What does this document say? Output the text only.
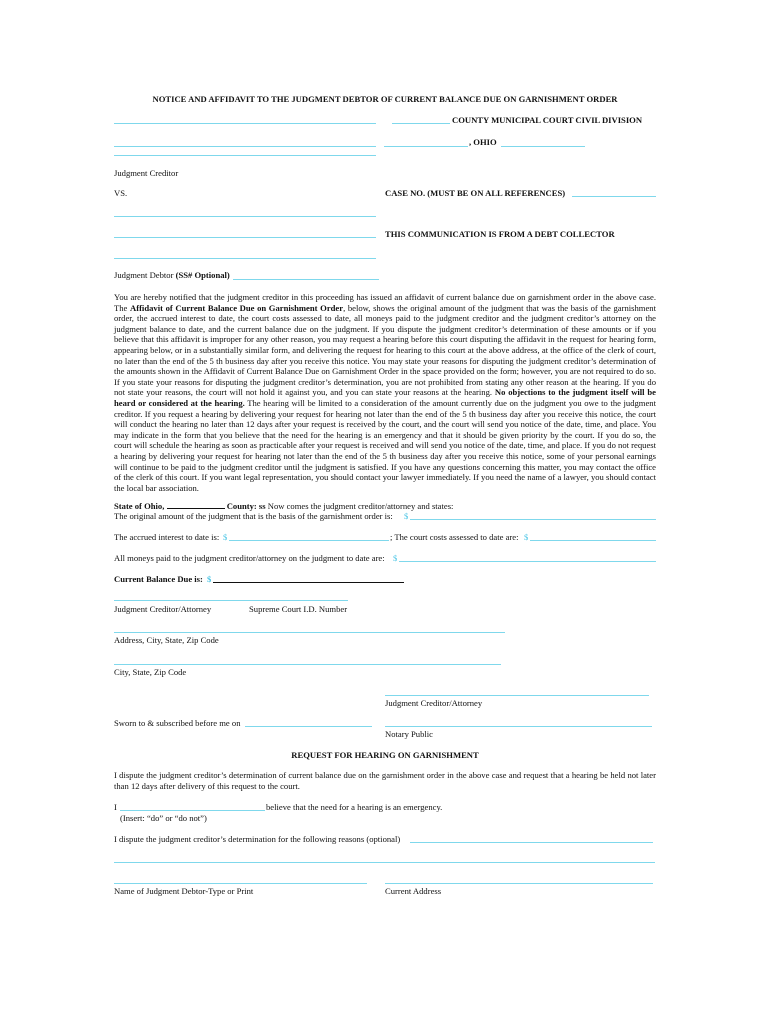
NOTICE AND AFFIDAVIT TO THE JUDGMENT DEBTOR OF CURRENT BALANCE DUE ON GARNISHMENT ORDER
COUNTY MUNICIPAL COURT CIVIL DIVISION
, OHIO
Judgment Creditor
VS.	CASE NO. (MUST BE ON ALL REFERENCES)
THIS COMMUNICATION IS FROM A DEBT COLLECTOR
Judgment Debtor (SS# Optional)
You are hereby notified that the judgment creditor in this proceeding has issued an affidavit of current balance due on garnishment order in the above case. The Affidavit of Current Balance Due on Garnishment Order, below, shows the original amount of the judgment that was the basis of the garnishment order, the accrued interest to date, the court costs assessed to date, all moneys paid to the judgment creditor and the judgment creditor’s attorney on the judgment balance to date, and the current balance due on the judgment. If you dispute the judgment creditor’s determination of these amounts or if you believe that this affidavit is improper for any other reason, you may request a hearing before this court disputing the affidavit in the request for hearing form, appearing below, or in a substantially similar form, and delivering the request for hearing to this court at the above address, at the office of the clerk of court, no later than the end of the 5 th business day after you receive this notice. You may state your reasons for disputing the judgment creditor’s determination of the amounts shown in the Affidavit of Current Balance Due on Garnishment Order in the space provided on the form; however, you are not required to do so. If you state your reasons for disputing the judgment creditor’s determination, you are not prohibited from stating any other reason at the hearing. If you do not state your reasons, the court will not hold it against you, and you can state your reasons at the hearing. No objections to the judgment itself will be heard or considered at the hearing. The hearing will be limited to a consideration of the amount currently due on the judgment you owe to the judgment creditor. If you request a hearing by delivering your request for hearing not later than the end of the 5 th business day after you receive this notice, the court will conduct the hearing no later than 12 days after your request is received by the court, and the court will send you notice of the date, time, and place. You may indicate in the form that you believe that the need for the hearing is an emergency and that it should be given priority by the court. If you do so, the court will schedule the hearing as soon as practicable after your request is received and will send you notice of the date, time, and place. If you do not request a hearing by delivering your request for hearing not later than the end of the 5 th business day after you receive this notice, some of your personal earnings will continue to be paid to the judgment creditor until the judgment is satisfied. If you have any questions concerning this matter, you may contact the office of the clerk of this court. If you want legal representation, you should contact your lawyer immediately. If you need the name of a lawyer, you should contact the local bar association.
State of Ohio,	County: ss Now comes the judgment creditor/attorney and states:
The original amount of the judgment that is the basis of the garnishment order is: $
The accrued interest to date is: $	; The court costs assessed to date are: $
All moneys paid to the judgment creditor/attorney on the judgment to date are: $
Current Balance Due is: $
Judgment Creditor/Attorney	Supreme Court I.D. Number
Address, City, State, Zip Code
City, State, Zip Code
Judgment Creditor/Attorney
Sworn to & subscribed before me on
Notary Public
REQUEST FOR HEARING ON GARNISHMENT
I dispute the judgment creditor’s determination of current balance due on the garnishment order in the above case and request that a hearing be held not later than 12 days after delivery of this request to the court.
I	believe that the need for a hearing is an emergency.
(Insert: “do” or “do not”)
I dispute the judgment creditor’s determination for the following reasons (optional)
Name of Judgment Debtor-Type or Print	Current Address
